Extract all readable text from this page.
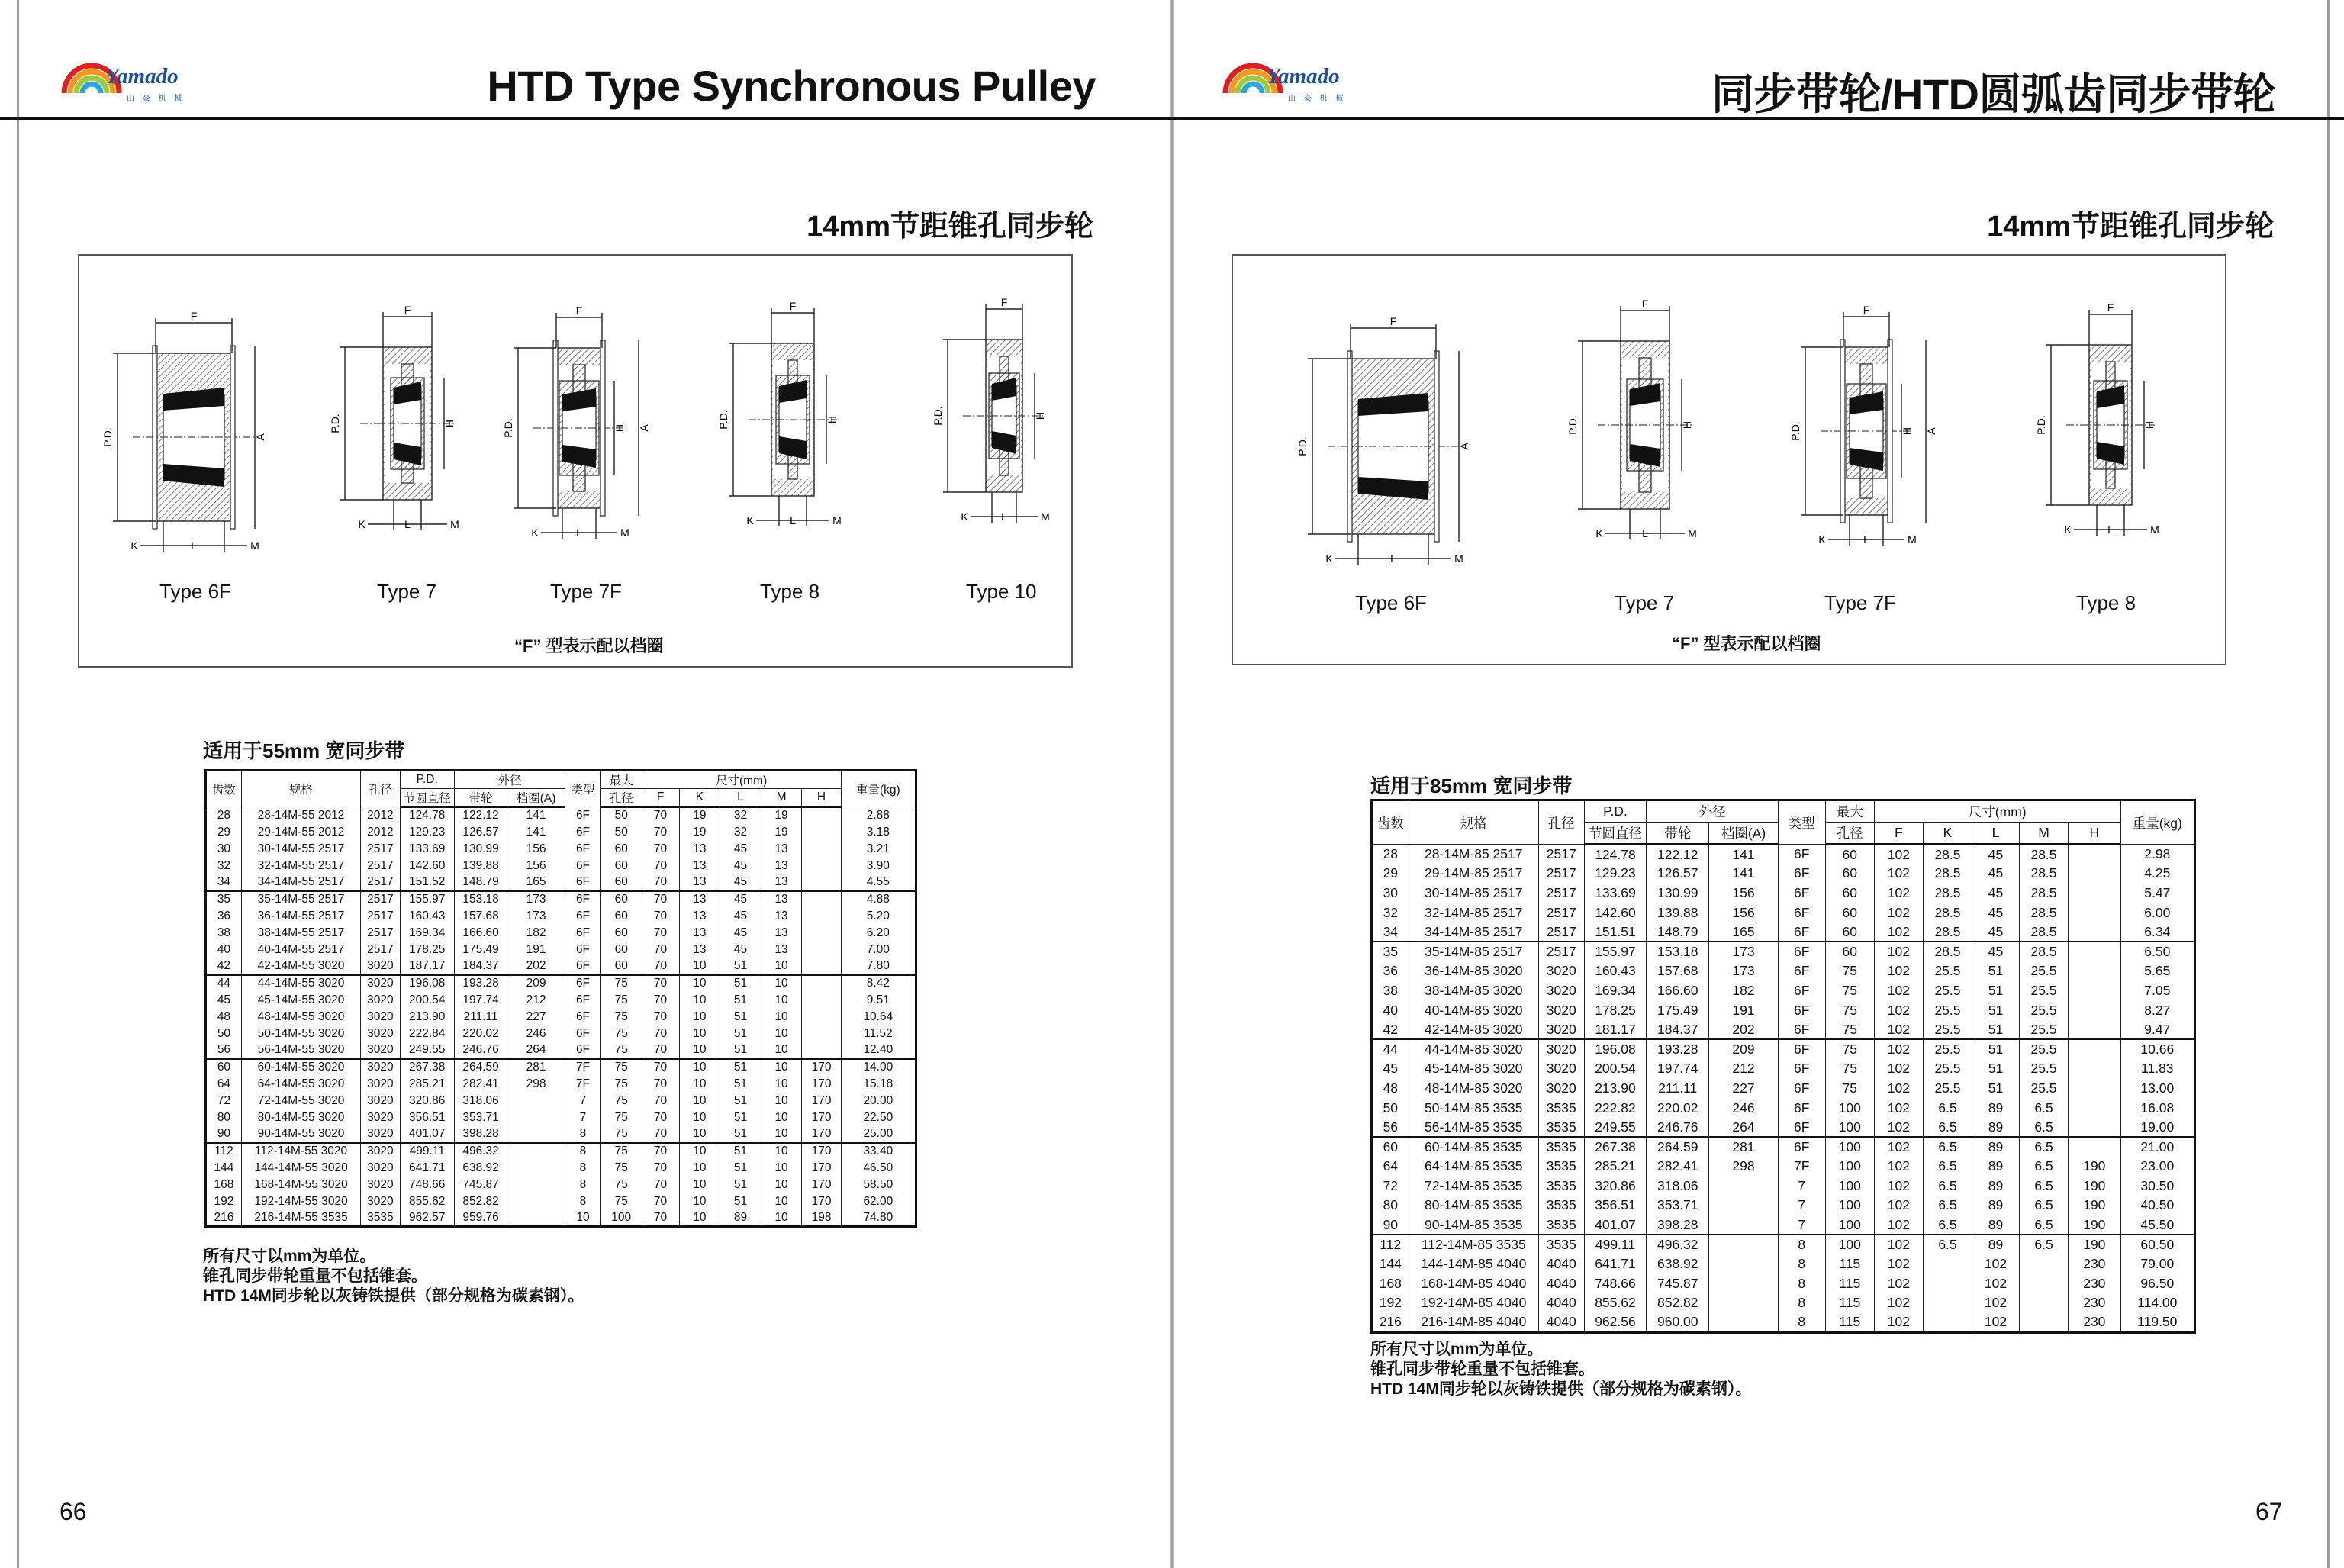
Yamado
山 豪 机 械	HTD Type Synchronous Pulley
14mm节距锥孔同步轮
F
K	L	M
P.D.	A
F
K	L	M
P.D.	H
F
K	L	M
P.D.	H A
F
K	L	M
P.D.	H
F
K	L	M
P.D.	H
Type 6F	Type 7	Type 7F	Type 8	Type 10
“F” 型表示配以档圈
适用于55mm 宽同步带
齿数	规格	孔径	P.D.	外径		类型	最大	尺寸(mm)					重量(kg)
			节圆直径	带轮	档圈(A)		孔径	F	K	L	M	H	
28	28-14M-55 2012	2012	124.78	122.12	141	6F	50	70	19	32	19		2.88
29	29-14M-55 2012	2012	129.23	126.57	141	6F	50	70	19	32	19		3.18
30	30-14M-55 2517	2517	133.69	130.99	156	6F	60	70	13	45	13		3.21
32	32-14M-55 2517	2517	142.60	139.88	156	6F	60	70	13	45	13		3.90
34	34-14M-55 2517	2517	151.52	148.79	165	6F	60	70	13	45	13		4.55
35	35-14M-55 2517	2517	155.97	153.18	173	6F	60	70	13	45	13		4.88
36	36-14M-55 2517	2517	160.43	157.68	173	6F	60	70	13	45	13		5.20
38	38-14M-55 2517	2517	169.34	166.60	182	6F	60	70	13	45	13		6.20
40	40-14M-55 2517	2517	178.25	175.49	191	6F	60	70	13	45	13		7.00
42	42-14M-55 3020	3020	187.17	184.37	202	6F	60	70	10	51	10		7.80
44	44-14M-55 3020	3020	196.08	193.28	209	6F	75	70	10	51	10		8.42
45	45-14M-55 3020	3020	200.54	197.74	212	6F	75	70	10	51	10		9.51
48	48-14M-55 3020	3020	213.90	211.11	227	6F	75	70	10	51	10		10.64
50	50-14M-55 3020	3020	222.84	220.02	246	6F	75	70	10	51	10		11.52
56	56-14M-55 3020	3020	249.55	246.76	264	6F	75	70	10	51	10		12.40
60	60-14M-55 3020	3020	267.38	264.59	281	7F	75	70	10	51	10	170	14.00
64	64-14M-55 3020	3020	285.21	282.41	298	7F	75	70	10	51	10	170	15.18
72	72-14M-55 3020	3020	320.86	318.06		7	75	70	10	51	10	170	20.00
80	80-14M-55 3020	3020	356.51	353.71		7	75	70	10	51	10	170	22.50
90	90-14M-55 3020	3020	401.07	398.28		8	75	70	10	51	10	170	25.00
112	112-14M-55 3020	3020	499.11	496.32		8	75	70	10	51	10	170	33.40
144	144-14M-55 3020	3020	641.71	638.92		8	75	70	10	51	10	170	46.50
168	168-14M-55 3020	3020	748.66	745.87		8	75	70	10	51	10	170	58.50
192	192-14M-55 3020	3020	855.62	852.82		8	75	70	10	51	10	170	62.00
216	216-14M-55 3535	3535	962.57	959.76		10	100	70	10	89	10	198	74.80
所有尺寸以mm为单位。
锥孔同步带轮重量不包括锥套。
HTD 14M同步轮以灰铸铁提供（部分规格为碳素钢）。
66
Yamado
山 豪 机 械	同步带轮/HTD圆弧齿同步带轮
14mm节距锥孔同步轮
F
K	L	M
P.D.	A
F
K	L	M
P.D.	H
F
K	L	M
P.D.	H A
F
K	L	M
P.D.	H
Type 6F	Type 7	Type 7F	Type 8
“F” 型表示配以档圈
适用于85mm 宽同步带
齿数	规格	孔径	P.D.	外径		类型	最大	尺寸(mm)					重量(kg)
			节圆直径	带轮	档圈(A)		孔径	F	K	L	M	H	
28	28-14M-85 2517	2517	124.78	122.12	141	6F	60	102	28.5	45	28.5		2.98
29	29-14M-85 2517	2517	129.23	126.57	141	6F	60	102	28.5	45	28.5		4.25
30	30-14M-85 2517	2517	133.69	130.99	156	6F	60	102	28.5	45	28.5		5.47
32	32-14M-85 2517	2517	142.60	139.88	156	6F	60	102	28.5	45	28.5		6.00
34	34-14M-85 2517	2517	151.51	148.79	165	6F	60	102	28.5	45	28.5		6.34
35	35-14M-85 2517	2517	155.97	153.18	173	6F	60	102	28.5	45	28.5		6.50
36	36-14M-85 3020	3020	160.43	157.68	173	6F	75	102	25.5	51	25.5		5.65
38	38-14M-85 3020	3020	169.34	166.60	182	6F	75	102	25.5	51	25.5		7.05
40	40-14M-85 3020	3020	178.25	175.49	191	6F	75	102	25.5	51	25.5		8.27
42	42-14M-85 3020	3020	181.17	184.37	202	6F	75	102	25.5	51	25.5		9.47
44	44-14M-85 3020	3020	196.08	193.28	209	6F	75	102	25.5	51	25.5		10.66
45	45-14M-85 3020	3020	200.54	197.74	212	6F	75	102	25.5	51	25.5		11.83
48	48-14M-85 3020	3020	213.90	211.11	227	6F	75	102	25.5	51	25.5		13.00
50	50-14M-85 3535	3535	222.82	220.02	246	6F	100	102	6.5	89	6.5		16.08
56	56-14M-85 3535	3535	249.55	246.76	264	6F	100	102	6.5	89	6.5		19.00
60	60-14M-85 3535	3535	267.38	264.59	281	6F	100	102	6.5	89	6.5		21.00
64	64-14M-85 3535	3535	285.21	282.41	298	7F	100	102	6.5	89	6.5	190	23.00
72	72-14M-85 3535	3535	320.86	318.06		7	100	102	6.5	89	6.5	190	30.50
80	80-14M-85 3535	3535	356.51	353.71		7	100	102	6.5	89	6.5	190	40.50
90	90-14M-85 3535	3535	401.07	398.28		7	100	102	6.5	89	6.5	190	45.50
112	112-14M-85 3535	3535	499.11	496.32		8	100	102	6.5	89	6.5	190	60.50
144	144-14M-85 4040	4040	641.71	638.92		8	115	102		102		230	79.00
168	168-14M-85 4040	4040	748.66	745.87		8	115	102		102		230	96.50
192	192-14M-85 4040	4040	855.62	852.82		8	115	102		102		230	114.00
216	216-14M-85 4040	4040	962.56	960.00		8	115	102		102		230	119.50
所有尺寸以mm为单位。
锥孔同步带轮重量不包括锥套。
HTD 14M同步轮以灰铸铁提供（部分规格为碳素钢）。
67
